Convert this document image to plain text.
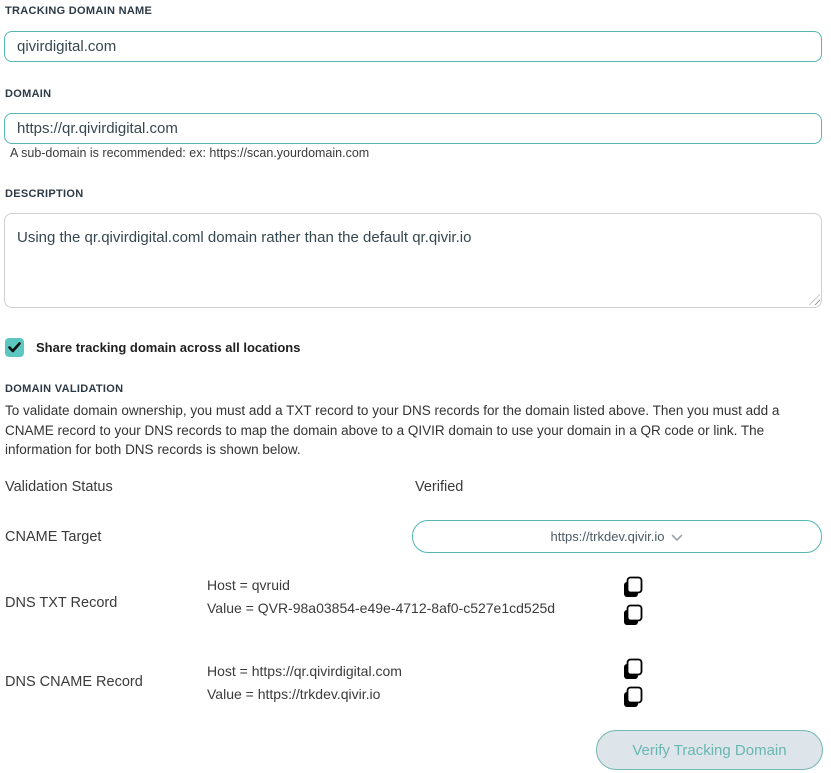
TRACKING DOMAIN NAME
qivirdigital.com
DOMAIN
https://qr.qivirdigital.com
A sub-domain is recommended: ex: https://scan.yourdomain.com
DESCRIPTION
Using the qr.qivirdigital.coml domain rather than the default qr.qivir.io
Share tracking domain across all locations
DOMAIN VALIDATION
To validate domain ownership, you must add a TXT record to your DNS records for the domain listed above. Then you must add a CNAME record to your DNS records to map the domain above to a QIVIR domain to use your domain in a QR code or link. The information for both DNS records is shown below.
Validation Status	Verified
CNAME Target	https://trkdev.qivir.io
DNS TXT Record
Host = qvruid
Value = QVR-98a03854-e49e-4712-8af0-c527e1cd525d
DNS CNAME Record
Host = https://qr.qivirdigital.com
Value = https://trkdev.qivir.io
Verify Tracking Domain
